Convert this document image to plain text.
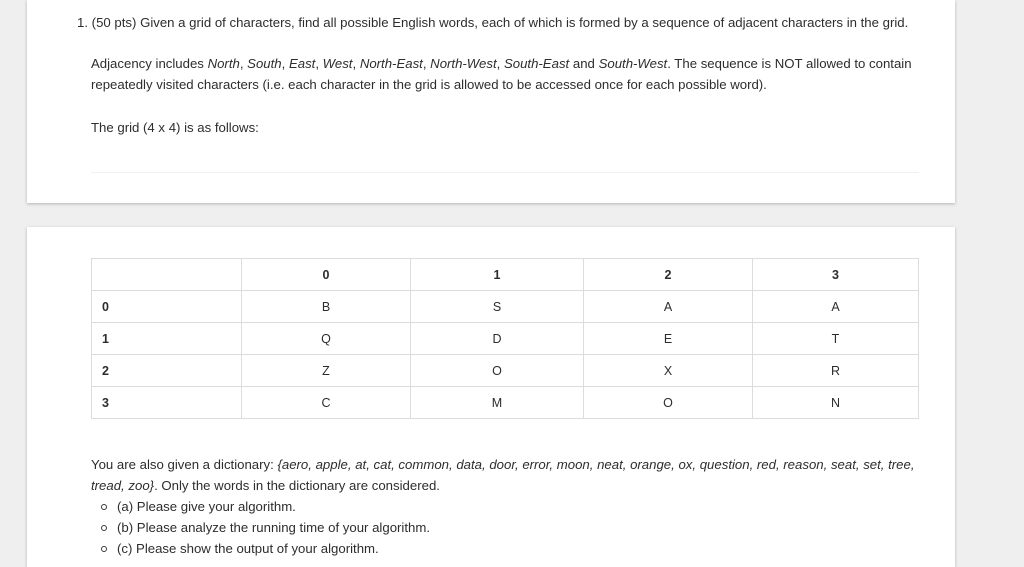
1. (50 pts) Given a grid of characters, find all possible English words, each of which is formed by a sequence of adjacent characters in the grid.
Adjacency includes North, South, East, West, North-East, North-West, South-East and South-West. The sequence is NOT allowed to contain repeatedly visited characters (i.e. each character in the grid is allowed to be accessed once for each possible word).
The grid (4 x 4) is as follows:
	0	1	2	3
0	B	S	A	A
1	Q	D	E	T
2	Z	O	X	R
3	C	M	O	N
You are also given a dictionary: {aero, apple, at, cat, common, data, door, error, moon, neat, orange, ox, question, red, reason, seat, set, tree, tread, zoo}. Only the words in the dictionary are considered.
(a) Please give your algorithm.
(b) Please analyze the running time of your algorithm.
(c) Please show the output of your algorithm.
